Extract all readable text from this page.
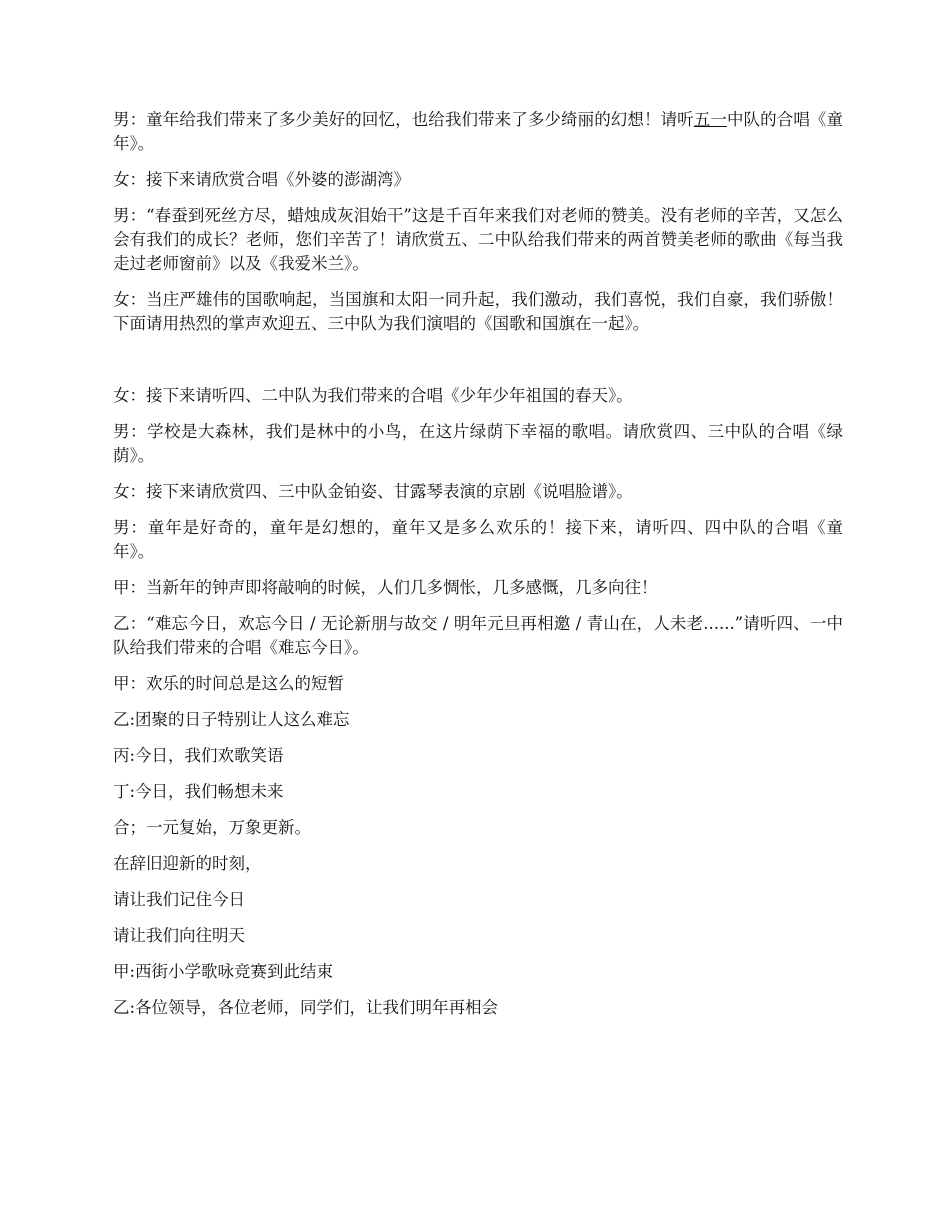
男：童年给我们带来了多少美好的回忆，也给我们带来了多少绮丽的幻想！请听五一中队的合唱《童年》。

女：接下来请欣赏合唱《外婆的澎湖湾》

男：“春蚕到死丝方尽，蜡烛成灰泪始干”这是千百年来我们对老师的赞美。没有老师的辛苦，又怎么会有我们的成长？老师，您们辛苦了！请欣赏五、二中队给我们带来的两首赞美老师的歌曲《每当我走过老师窗前》以及《我爱米兰》。

女：当庄严雄伟的国歌响起，当国旗和太阳一同升起，我们激动，我们喜悦，我们自豪，我们骄傲！下面请用热烈的掌声欢迎五、三中队为我们演唱的《国歌和国旗在一起》。

女：接下来请听四、二中队为我们带来的合唱《少年少年祖国的春天》。

男：学校是大森林，我们是林中的小鸟，在这片绿荫下幸福的歌唱。请欣赏四、三中队的合唱《绿荫》。

女：接下来请欣赏四、三中队金铂姿、甘露琴表演的京剧《说唱脸谱》。

男：童年是好奇的，童年是幻想的，童年又是多么欢乐的！接下来，请听四、四中队的合唱《童年》。

甲：当新年的钟声即将敲响的时候，人们几多惆怅，几多感慨，几多向往！

乙：“难忘今日，欢忘今日 / 无论新朋与故交 / 明年元旦再相邀 / 青山在，人未老......”请听四、一中队给我们带来的合唱《难忘今日》。

甲：欢乐的时间总是这么的短暂

乙:团聚的日子特别让人这么难忘

丙:今日，我们欢歌笑语

丁:今日，我们畅想未来

合；一元复始，万象更新。

在辞旧迎新的时刻，

请让我们记住今日

请让我们向往明天

甲:西街小学歌咏竞赛到此结束

乙:各位领导，各位老师，同学们，让我们明年再相会
